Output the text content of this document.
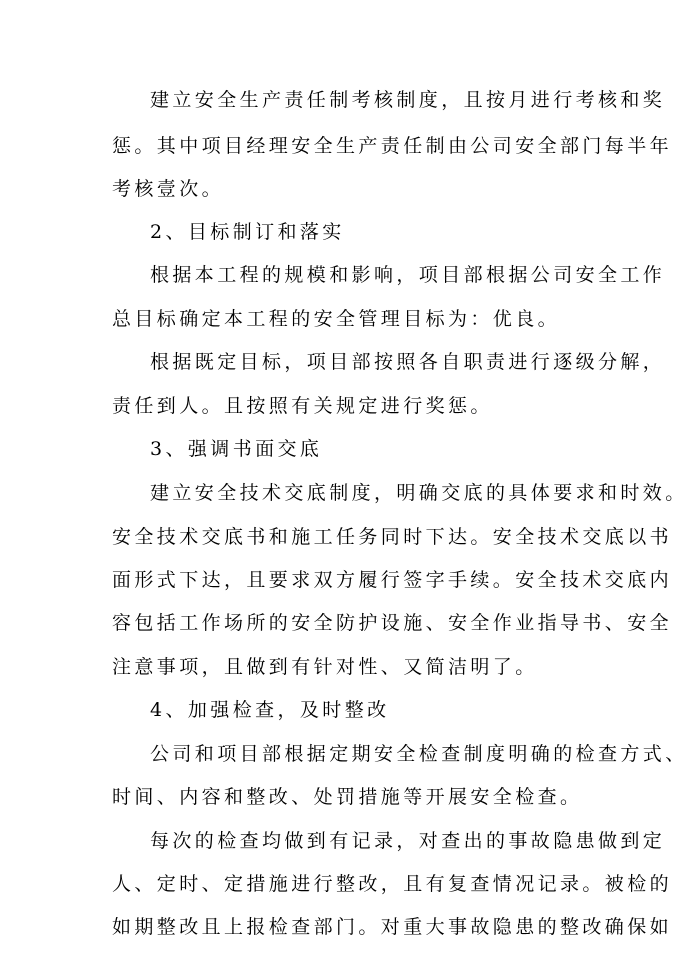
建立安全生产责任制考核制度，且按月进行考核和奖
惩。其中项目经理安全生产责任制由公司安全部门每半年
考核壹次。
2、目标制订和落实
根据本工程的规模和影响，项目部根据公司安全工作
总目标确定本工程的安全管理目标为：优良。
根据既定目标，项目部按照各自职责进行逐级分解，
责任到人。且按照有关规定进行奖惩。
3、强调书面交底
建立安全技术交底制度，明确交底的具体要求和时效。
安全技术交底书和施工任务同时下达。安全技术交底以书
面形式下达，且要求双方履行签字手续。安全技术交底内
容包括工作场所的安全防护设施、安全作业指导书、安全
注意事项，且做到有针对性、又简洁明了。
4、加强检查，及时整改
公司和项目部根据定期安全检查制度明确的检查方式、
时间、内容和整改、处罚措施等开展安全检查。
每次的检查均做到有记录，对查出的事故隐患做到定
人、定时、定措施进行整改，且有复查情况记录。被检的
如期整改且上报检查部门。对重大事故隐患的整改确保如
